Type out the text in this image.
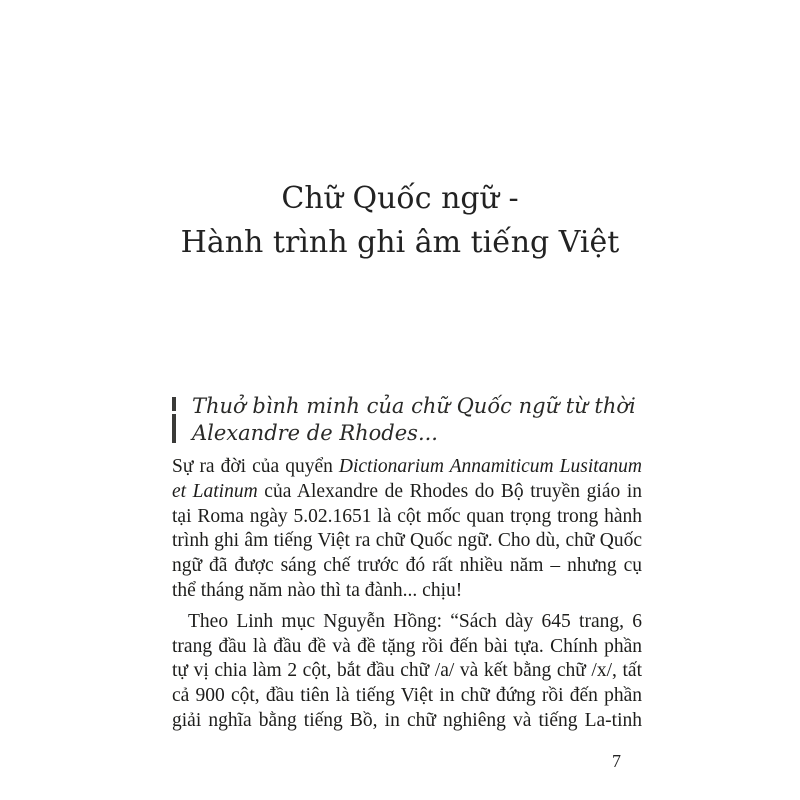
Chữ Quốc ngữ -
Hành trình ghi âm tiếng Việt
Thuở bình minh của chữ Quốc ngữ từ thời
Alexandre de Rhodes...
Sự ra đời của quyển Dictionarium Annamiticum Lusitanum
et Latinum của Alexandre de Rhodes do Bộ truyền giáo in
tại Roma ngày 5.02.1651 là cột mốc quan trọng trong hành
trình ghi âm tiếng Việt ra chữ Quốc ngữ. Cho dù, chữ Quốc
ngữ đã được sáng chế trước đó rất nhiều năm – nhưng cụ
thể tháng năm nào thì ta đành... chịu!
Theo Linh mục Nguyễn Hồng: “Sách dày 645 trang, 6
trang đầu là đầu đề và đề tặng rồi đến bài tựa. Chính phần
tự vị chia làm 2 cột, bắt đầu chữ /a/ và kết bằng chữ /x/, tất
cả 900 cột, đầu tiên là tiếng Việt in chữ đứng rồi đến phần
giải nghĩa bằng tiếng Bồ, in chữ nghiêng và tiếng La-tinh
7
